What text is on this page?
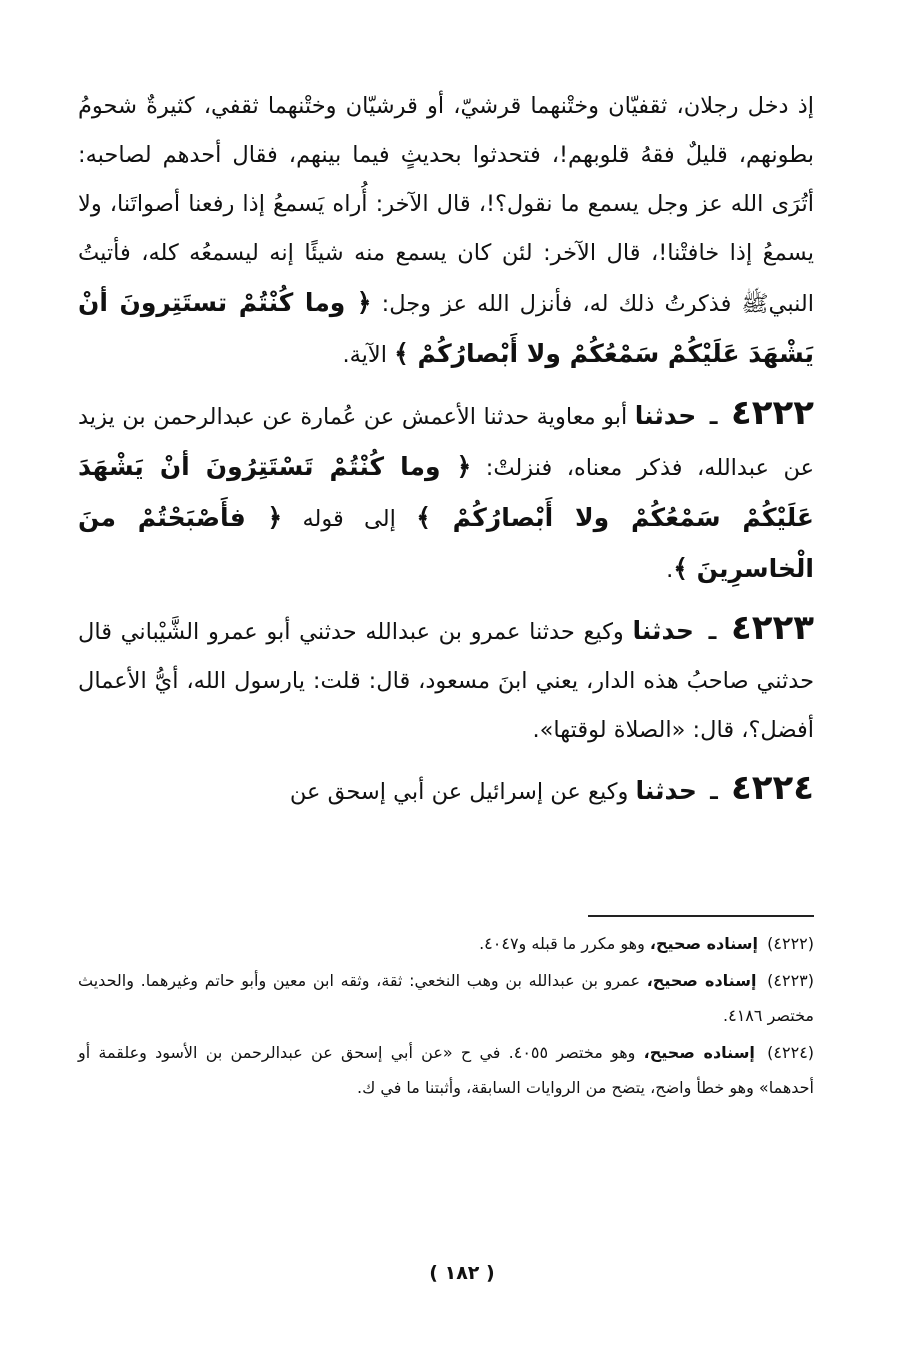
إذ دخل رجلان، ثقفيّان وختْنهما قرشيّ، أو قرشيّان وختْنهما ثقفي، كثيرةٌ شحومُ بطونهم، قليلٌ فقهُ قلوبهم!، فتحدثوا بحديثٍ فيما بينهم، فقال أحدهم لصاحبه: أتُرَى الله عز وجل يسمع ما نقول؟!، قال الآخر: أُراه يَسمعُ إذا رفعنا أصواتَنا، ولا يسمعُ إذا خافتْنا!، قال الآخر: لئن كان يسمع منه شيئًا إنه ليسمعُه كله، فأتيتُ النبيﷺ فذكرتُ ذلك له، فأنزل الله عز وجل: ﴿ وما كُنْتُمْ تستَتِرونَ أنْ يَشْهَدَ عَلَيْكُمْ سَمْعُكُمْ ولا أَبْصارُكُمْ ﴾ الآية.

٤٢٢٢ ـ حدثنا أبو معاوية حدثنا الأعمش عن عُمارة عن عبدالرحمن بن يزيد عن عبدالله، فذكر معناه، فنزلتْ: ﴿ وما كُنْتُمْ تَسْتَتِرُونَ أنْ يَشْهَدَ عَلَيْكُمْ سَمْعُكُمْ ولا أَبْصارُكُمْ ﴾ إلى قوله ﴿ فأَصْبَحْتُمْ منَ الْخاسرِينَ ﴾.

٤٢٢٣ ـ حدثنا وكيع حدثنا عمرو بن عبدالله حدثني أبو عمرو الشَّيْباني قال حدثني صاحبُ هذه الدار، يعني ابنَ مسعود، قال: قلت: يارسول الله، أيُّ الأعمال أفضل؟، قال: «الصلاة لوقتها».

٤٢٢٤ ـ حدثنا وكيع عن إسرائيل عن أبي إسحق عن

(٤٢٢٢) إسناده صحيح، وهو مكرر ما قبله و٤٠٤٧.

(٤٢٢٣) إسناده صحيح، عمرو بن عبدالله بن وهب النخعي: ثقة، وثقه ابن معين وأبو حاتم وغيرهما. والحديث مختصر ٤١٨٦.

(٤٢٢٤) إسناده صحيح، وهو مختصر ٤٠٥٥. في ح «عن أبي إسحق عن عبدالرحمن بن الأسود وعلقمة أو أحدهما» وهو خطأ واضح، يتضح من الروايات السابقة، وأثبتنا ما في ك.

( ١٨٢ )
